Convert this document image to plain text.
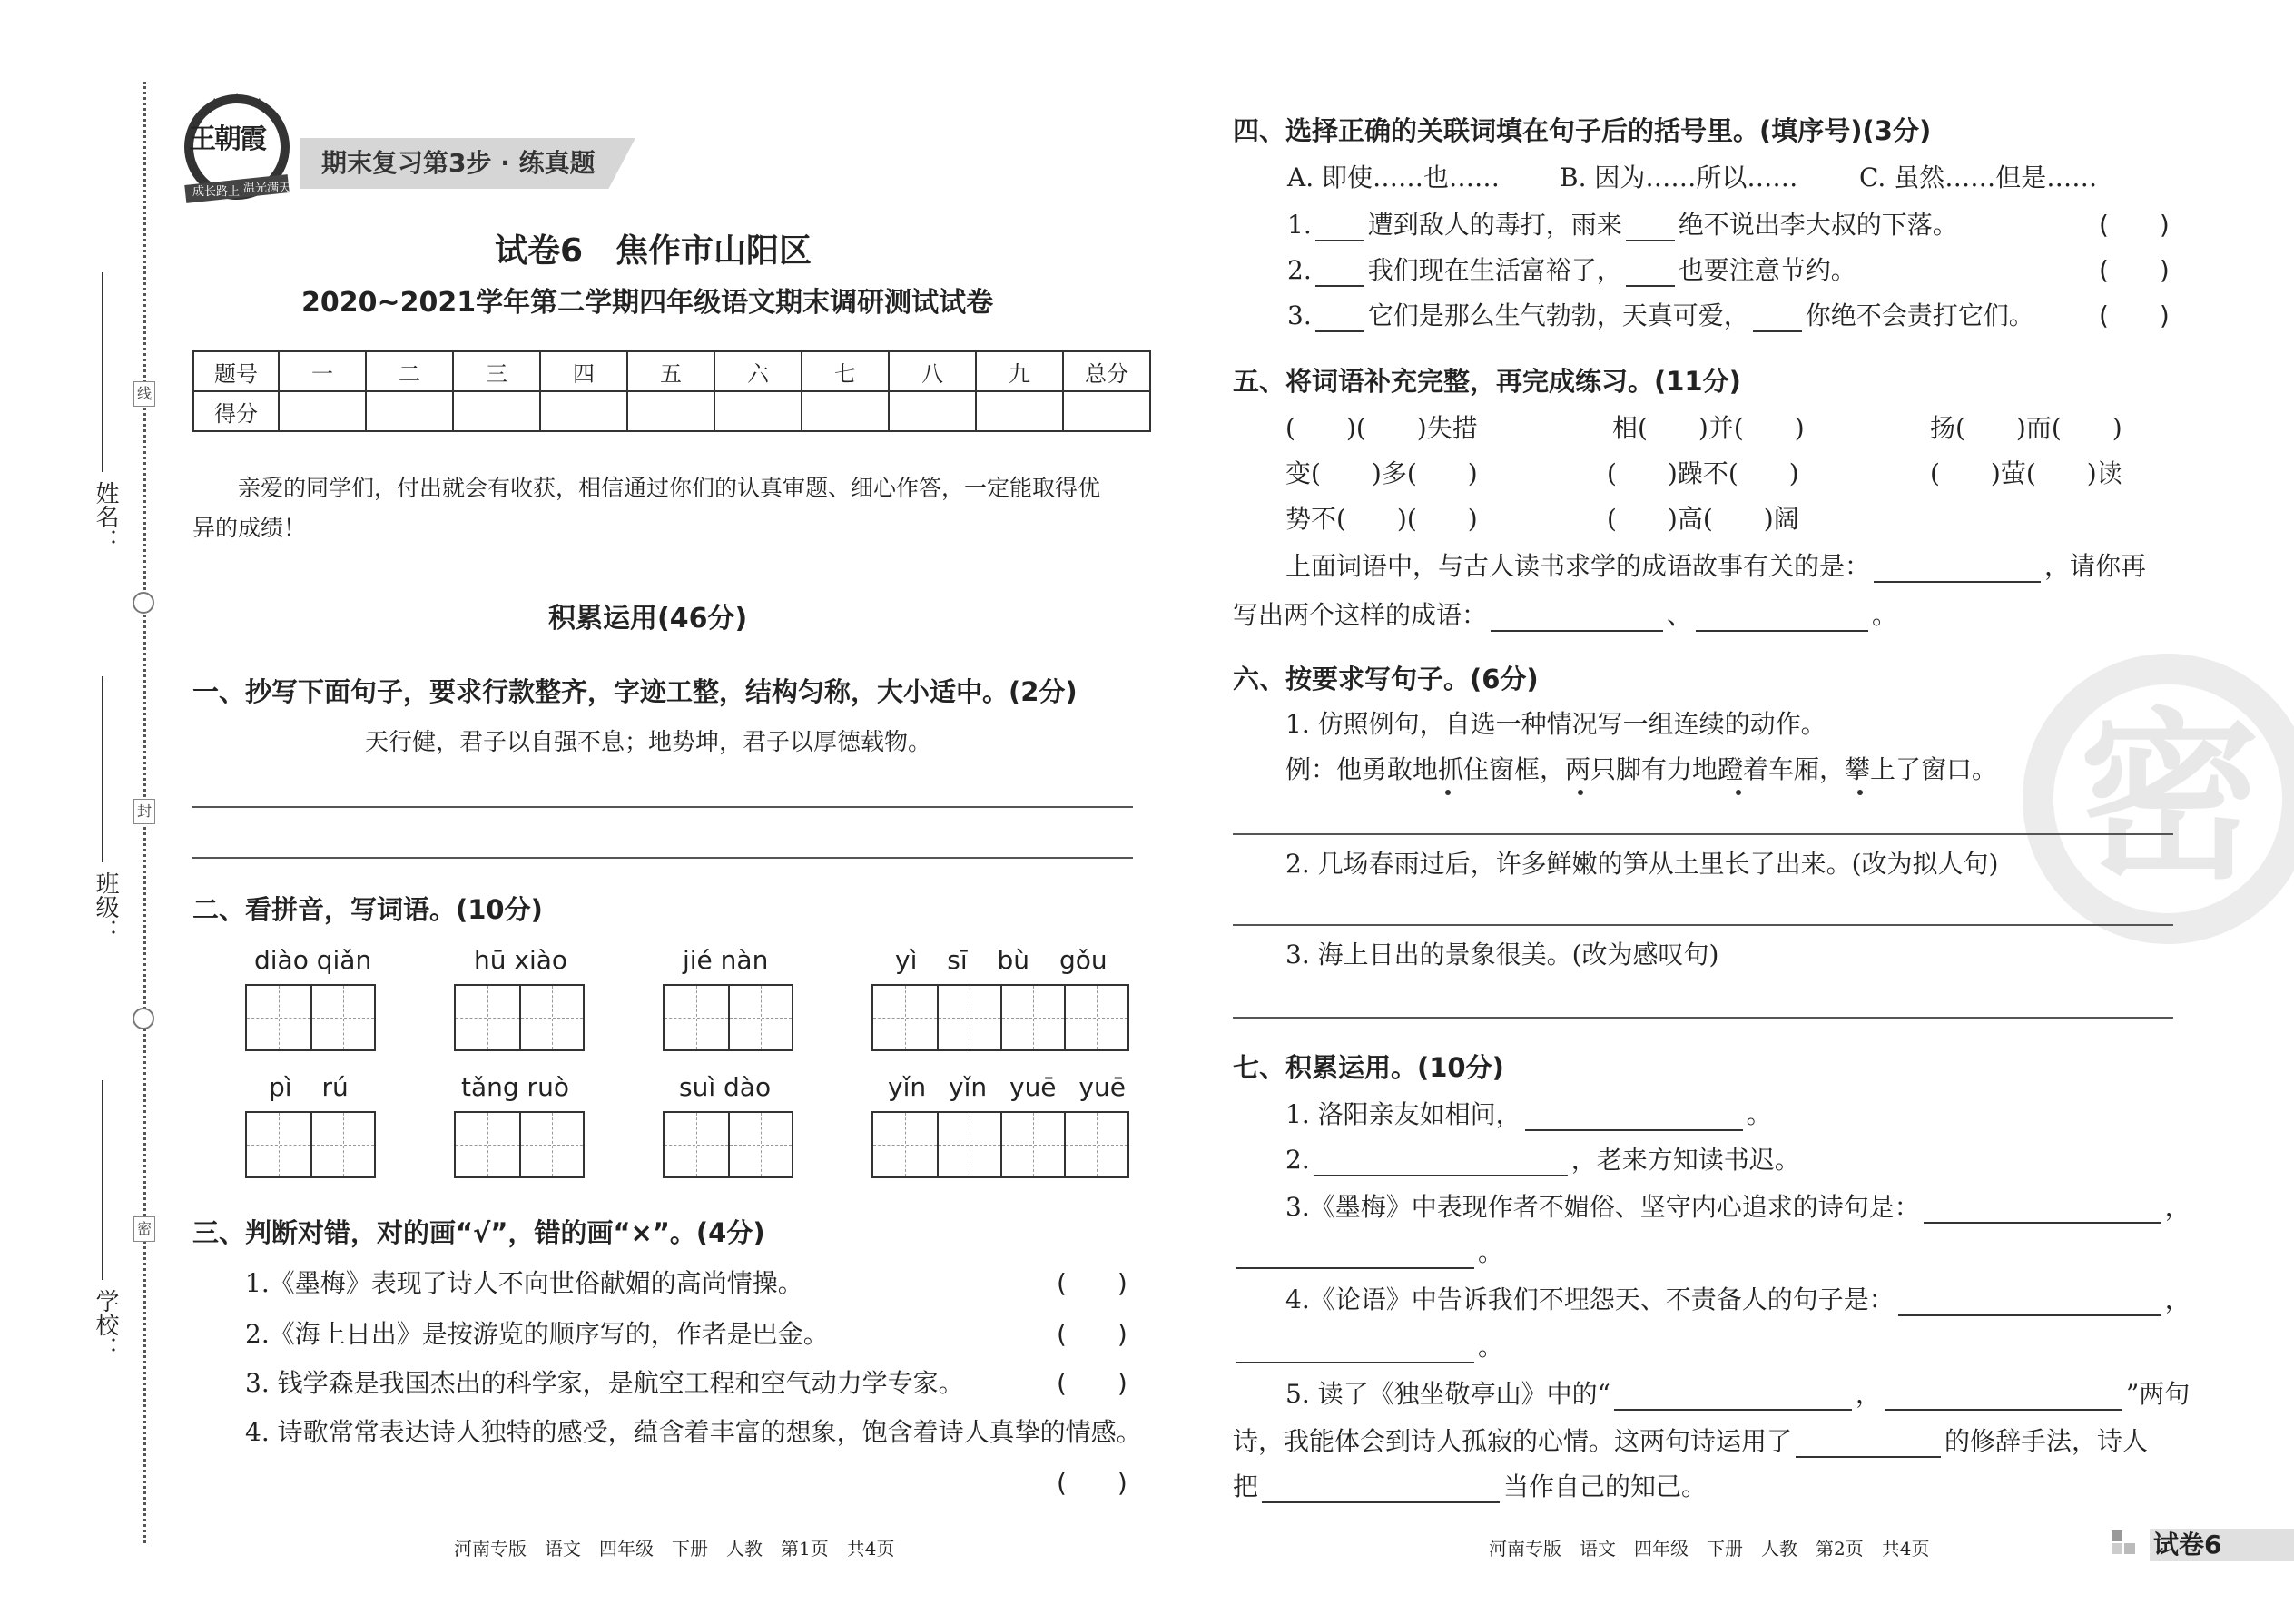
线
封
密
姓名：
班级：
学校：
王朝霞
成长路上 温光满天
期末复习第3步 · 练真题
试卷6　焦作市山阳区
2020~2021学年第二学期四年级语文期末调研测试试卷
题号	一	二	三	四	五	六	七	八	九	总分
得分										
亲爱的同学们，付出就会有收获，相信通过你们的认真审题、细心作答，一定能取得优
异的成绩！
积累运用(46分)
一、抄写下面句子，要求行款整齐，字迹工整，结构匀称，大小适中。(2分)
天行健，君子以自强不息；地势坤，君子以厚德载物。
二、看拼音，写词语。(10分)
diào qiǎn	hū xiào	jié nàn	yì sī bù gǒu
pì rú	tǎng ruò	suì dào	yǐn yǐn yuē yuē
三、判断对错，对的画“√”，错的画“×”。(4分)
1.《墨梅》表现了诗人不向世俗献媚的高尚情操。	(　　)
2.《海上日出》是按游览的顺序写的，作者是巴金。	(　　)
3. 钱学森是我国杰出的科学家，是航空工程和空气动力学专家。	(　　)
4. 诗歌常常表达诗人独特的感受，蕴含着丰富的想象，饱含着诗人真挚的情感。
(　　)
河南专版　语文　四年级　下册　人教　第1页　共4页
密
四、选择正确的关联词填在句子后的括号里。(填序号)(3分)
A. 即使……也…… B. 因为……所以…… C. 虽然……但是……
1. 遭到敌人的毒打，雨来 绝不说出李大叔的下落。	(　　)
2. 我们现在生活富裕了， 也要注意节约。	(　　)
3. 它们是那么生气勃勃，天真可爱， 你绝不会责打它们。	(　　)
五、将词语补充完整，再完成练习。(11分)
(　　)(　　)失措	相(　　)并(　　)	扬(　　)而(　　)
变(　　)多(　　)	(　　)躁不(　　)	(　　)萤(　　)读
势不(　　)(　　)	(　　)高(　　)阔
上面词语中，与古人读书求学的成语故事有关的是：	，请你再
写出两个这样的成语：	、	。
六、按要求写句子。(6分)
1. 仿照例句，自选一种情况写一组连续的动作。
例：他勇敢地抓住窗框，两只脚有力地蹬着车厢，攀上了窗口。
2. 几场春雨过后，许多鲜嫩的笋从土里长了出来。(改为拟人句)
3. 海上日出的景象很美。(改为感叹句)
七、积累运用。(10分)
1. 洛阳亲友如相问，	。
2.	，老来方知读书迟。
3.《墨梅》中表现作者不媚俗、坚守内心追求的诗句是：	，
。
4.《论语》中告诉我们不埋怨天、不责备人的句子是：	，
。
5. 读了《独坐敬亭山》中的“	，	”两句
诗，我能体会到诗人孤寂的心情。这两句诗运用了	的修辞手法，诗人
把	当作自己的知己。
河南专版　语文　四年级　下册　人教　第2页　共4页	试卷6
